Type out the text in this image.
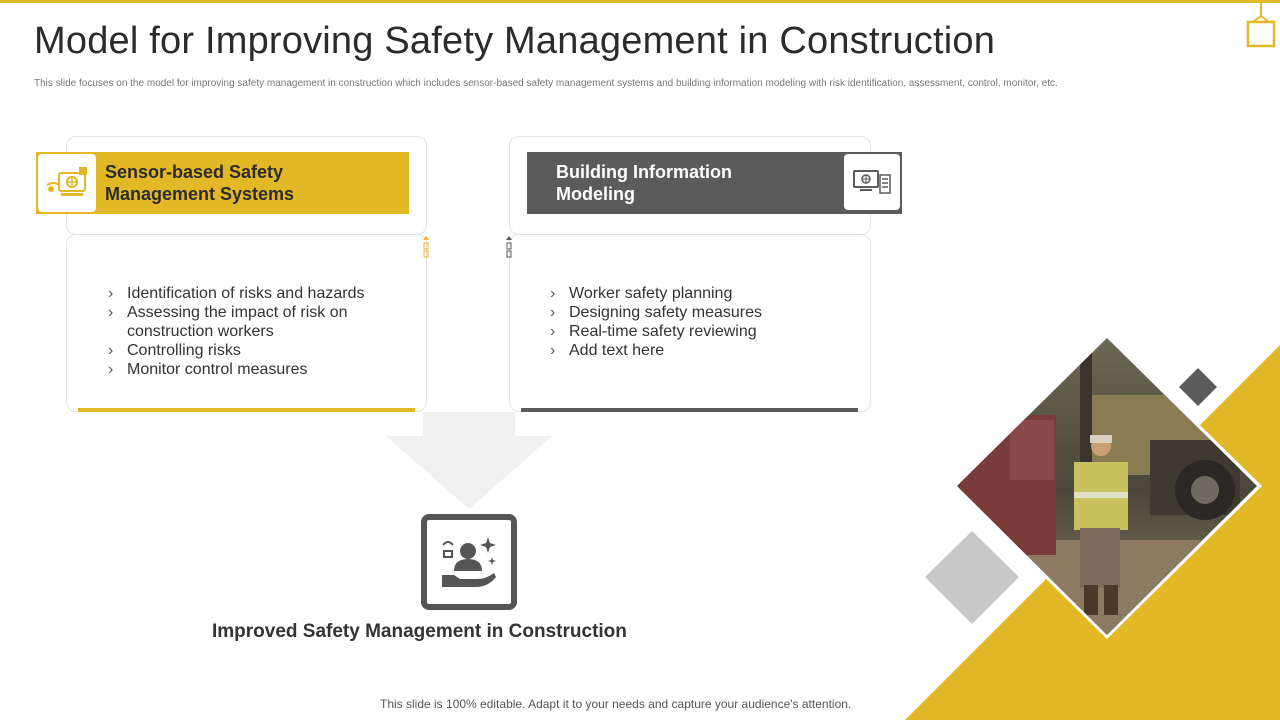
Model for Improving Safety Management in Construction

This slide focuses on the model for improving safety management in construction which includes sensor-based safety management systems and building information modeling with risk identification, assessment, control, monitor, etc.

Sensor-based Safety Management Systems
Building Information Modeling
› Identification of risks and hazards
› Assessing the impact of risk on construction workers
› Controlling risks
› Monitor control measures
› Worker safety planning
› Designing safety measures
› Real-time safety reviewing
› Add text here
Improved Safety Management in Construction
This slide is 100% editable. Adapt it to your needs and capture your audience's attention.
